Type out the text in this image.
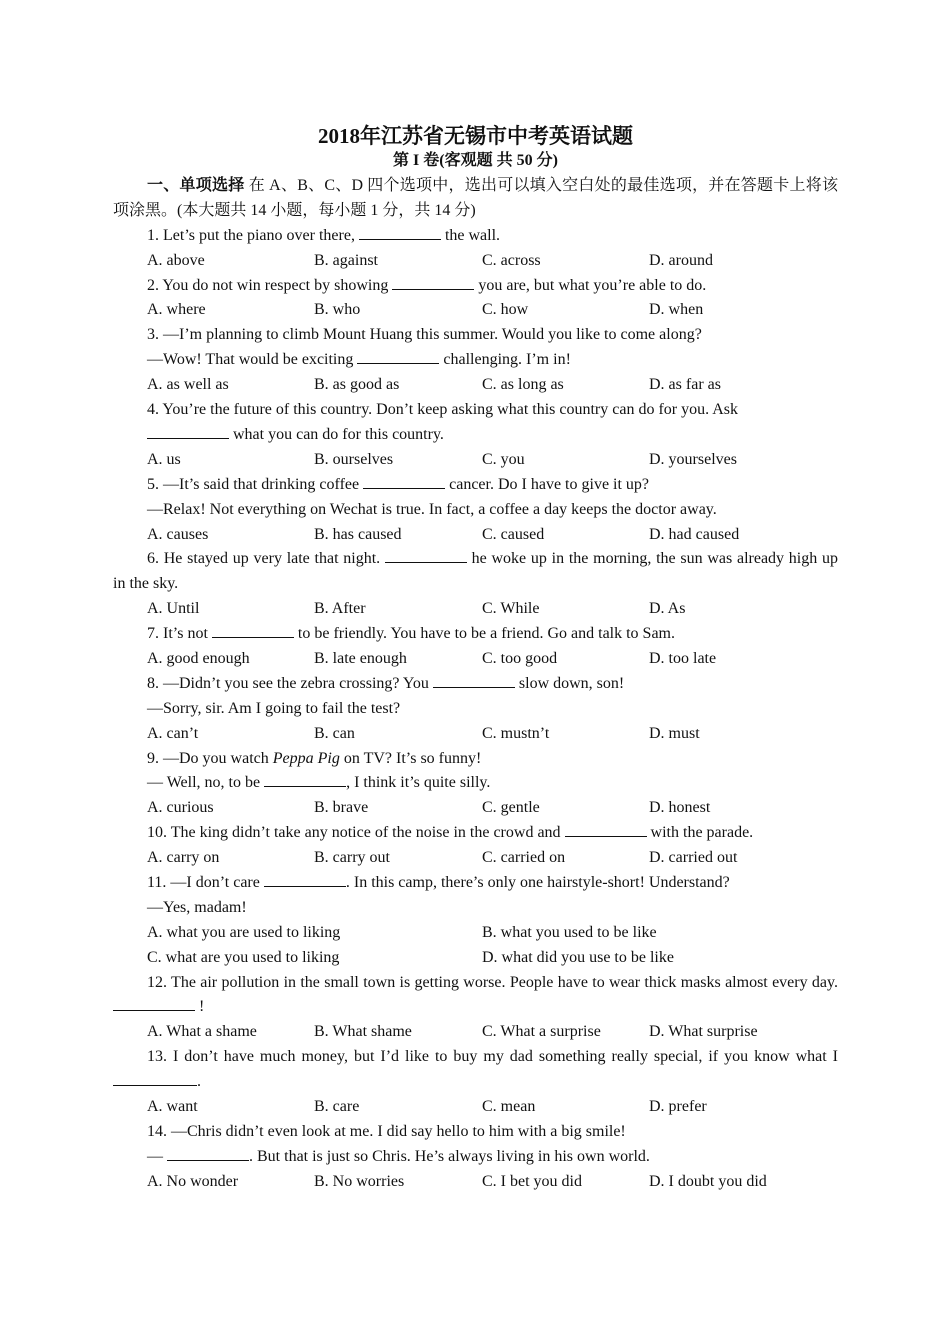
2018年江苏省无锡市中考英语试题
第 I 卷(客观题 共 50 分)
一、单项选择 在 A、B、C、D 四个选项中，选出可以填入空白处的最佳选项，并在答题卡上将该项涂黑。(本大题共 14 小题，每小题 1 分，共 14 分)
1. Let’s put the piano over there,	the wall.
A. above	B. against	C. across	D. around
2. You do not win respect by showing	you are, but what you’re able to do.
A. where	B. who	C. how	D. when
3. —I’m planning to climb Mount Huang this summer. Would you like to come along?
—Wow! That would be exciting	challenging. I’m in!
A. as well as	B. as good as	C. as long as	D. as far as
4. You’re the future of this country. Don’t keep asking what this country can do for you. Ask
what you can do for this country.
A. us	B. ourselves	C. you	D. yourselves
5. —It’s said that drinking coffee	cancer. Do I have to give it up?
—Relax! Not everything on Wechat is true. In fact, a coffee a day keeps the doctor away.
A. causes	B. has caused	C. caused	D. had caused
6. He stayed up very late that night.	he woke up in the morning, the sun was already high up in the sky.
A. Until	B. After	C. While	D. As
7. It’s not	to be friendly. You have to be a friend. Go and talk to Sam.
A. good enough	B. late enough	C. too good	D. too late
8. —Didn’t you see the zebra crossing? You	slow down, son!
—Sorry, sir. Am I going to fail the test?
A. can’t	B. can	C. mustn’t	D. must
9. —Do you watch Peppa Pig on TV? It’s so funny!
— Well, no, to be	, I think it’s quite silly.
A. curious	B. brave	C. gentle	D. honest
10. The king didn’t take any notice of the noise in the crowd and	with the parade.
A. carry on	B. carry out	C. carried on	D. carried out
11. —I don’t care	. In this camp, there’s only one hairstyle-short! Understand?
—Yes, madam!
A. what you are used to liking	B. what you used to be like
C. what are you used to liking	D. what did you use to be like
12. The air pollution in the small town is getting worse. People have to wear thick masks almost every day.  !
A. What a shame	B. What shame	C. What a surprise	D. What surprise
13. I don’t have much money, but I’d like to buy my dad something really special, if you know what I .
A. want	B. care	C. mean	D. prefer
14. —Chris didn’t even look at me. I did say hello to him with a big smile!
—	. But that is just so Chris. He’s always living in his own world.
A. No wonder	B. No worries	C. I bet you did	D. I doubt you did
